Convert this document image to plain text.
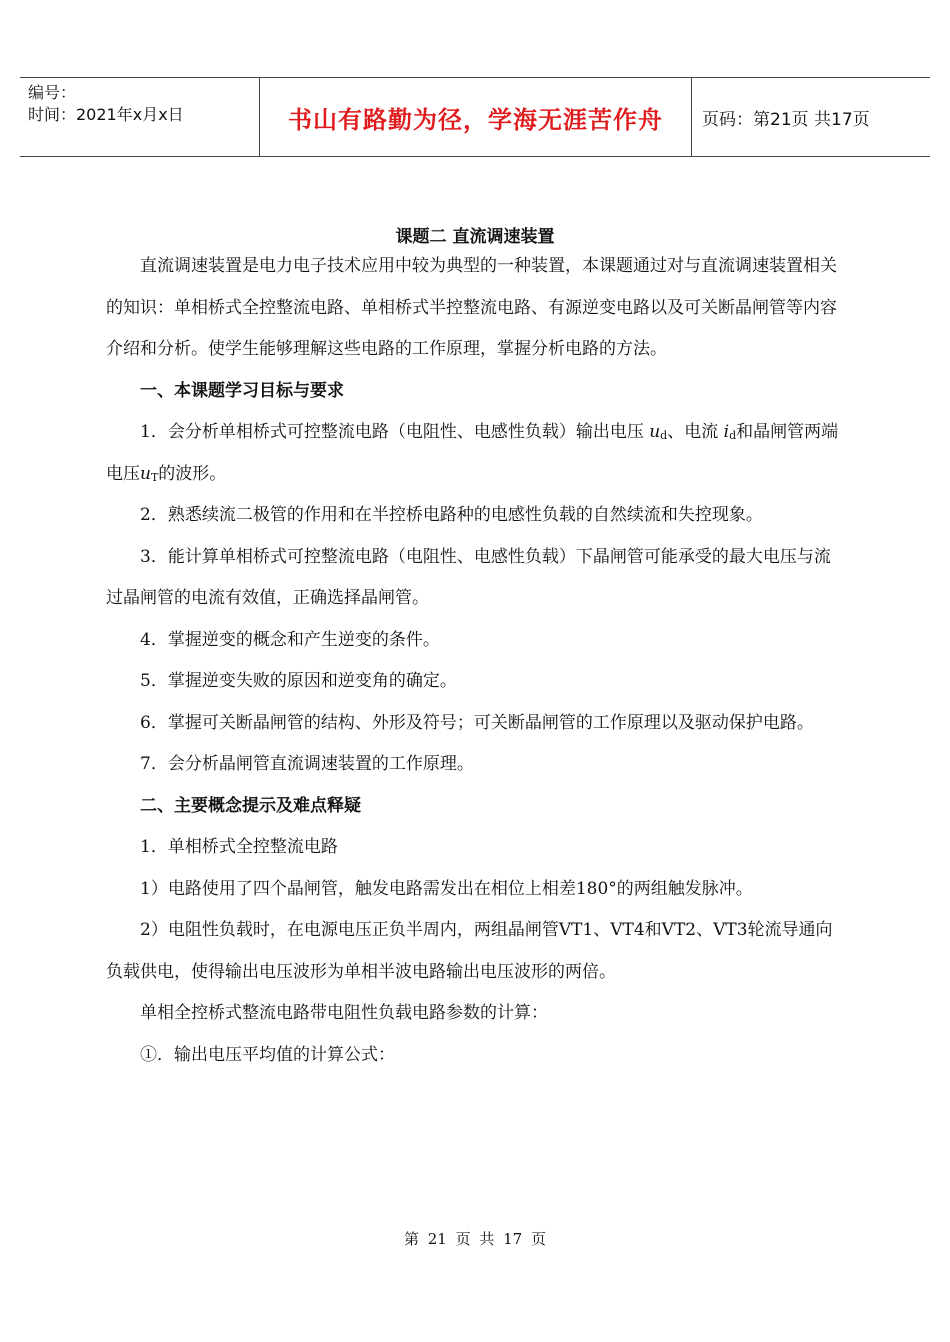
编号：
时间：2021年x月x日	书山有路勤为径，学海无涯苦作舟	页码：第21页 共17页
课题二 直流调速装置

直流调速装置是电力电子技术应用中较为典型的一种装置，本课题通过对与直流调速装置相关的知识：单相桥式全控整流电路、单相桥式半控整流电路、有源逆变电路以及可关断晶闸管等内容介绍和分析。使学生能够理解这些电路的工作原理，掌握分析电路的方法。

一、本课题学习目标与要求

1．会分析单相桥式可控整流电路（电阻性、电感性负载）输出电压 $u_d$、电流 $i_d$和晶闸管两端电压$u_T$的波形。

2．熟悉续流二极管的作用和在半控桥电路种的电感性负载的自然续流和失控现象。

3．能计算单相桥式可控整流电路（电阻性、电感性负载）下晶闸管可能承受的最大电压与流过晶闸管的电流有效值，正确选择晶闸管。

4．掌握逆变的概念和产生逆变的条件。

5．掌握逆变失败的原因和逆变角的确定。

6．掌握可关断晶闸管的结构、外形及符号；可关断晶闸管的工作原理以及驱动保护电路。

7．会分析晶闸管直流调速装置的工作原理。

二、主要概念提示及难点释疑

1．单相桥式全控整流电路

1）电路使用了四个晶闸管，触发电路需发出在相位上相差180°的两组触发脉冲。

2）电阻性负载时，在电源电压正负半周内，两组晶闸管VT1、VT4和VT2、VT3轮流导通向负载供电，使得输出电压波形为单相半波电路输出电压波形的两倍。

单相全控桥式整流电路带电阻性负载电路参数的计算：

①．输出电压平均值的计算公式：

第 21 页 共 17 页
